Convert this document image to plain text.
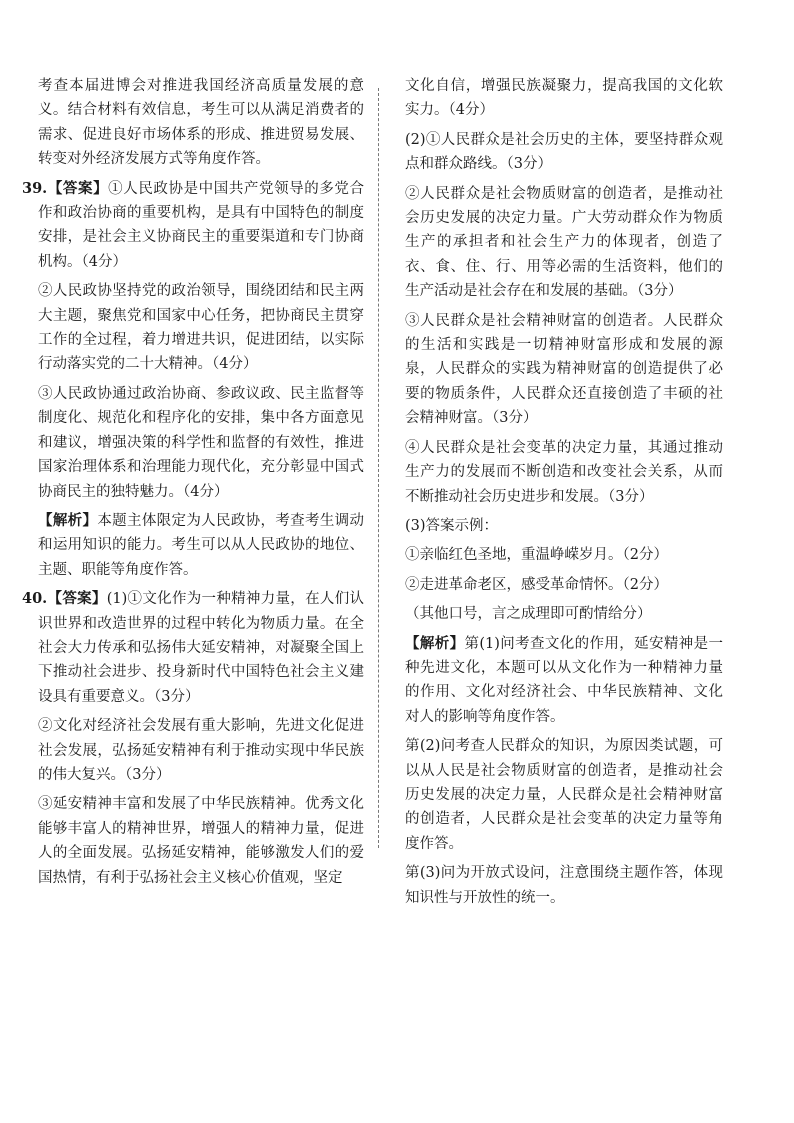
考查本届进博会对推进我国经济高质量发展的意义。结合材料有效信息，考生可以从满足消费者的需求、促进良好市场体系的形成、推进贸易发展、转变对外经济发展方式等角度作答。

39.【答案】①人民政协是中国共产党领导的多党合作和政治协商的重要机构，是具有中国特色的制度安排，是社会主义协商民主的重要渠道和专门协商机构。（4分）

②人民政协坚持党的政治领导，围绕团结和民主两大主题，聚焦党和国家中心任务，把协商民主贯穿工作的全过程，着力增进共识，促进团结，以实际行动落实党的二十大精神。（4分）

③人民政协通过政治协商、参政议政、民主监督等制度化、规范化和程序化的安排，集中各方面意见和建议，增强决策的科学性和监督的有效性，推进国家治理体系和治理能力现代化，充分彰显中国式协商民主的独特魅力。（4分）

【解析】本题主体限定为人民政协，考查考生调动和运用知识的能力。考生可以从人民政协的地位、主题、职能等角度作答。

40.【答案】(1)①文化作为一种精神力量，在人们认识世界和改造世界的过程中转化为物质力量。在全社会大力传承和弘扬伟大延安精神，对凝聚全国上下推动社会进步、投身新时代中国特色社会主义建设具有重要意义。（3分）

②文化对经济社会发展有重大影响，先进文化促进社会发展，弘扬延安精神有利于推动实现中华民族的伟大复兴。（3分）

③延安精神丰富和发展了中华民族精神。优秀文化能够丰富人的精神世界，增强人的精神力量，促进人的全面发展。弘扬延安精神，能够激发人们的爱国热情，有利于弘扬社会主义核心价值观，坚定

文化自信，增强民族凝聚力，提高我国的文化软实力。（4分）

(2)①人民群众是社会历史的主体，要坚持群众观点和群众路线。（3分）

②人民群众是社会物质财富的创造者，是推动社会历史发展的决定力量。广大劳动群众作为物质生产的承担者和社会生产力的体现者，创造了衣、食、住、行、用等必需的生活资料，他们的生产活动是社会存在和发展的基础。（3分）

③人民群众是社会精神财富的创造者。人民群众的生活和实践是一切精神财富形成和发展的源泉，人民群众的实践为精神财富的创造提供了必要的物质条件，人民群众还直接创造了丰硕的社会精神财富。（3分）

④人民群众是社会变革的决定力量，其通过推动生产力的发展而不断创造和改变社会关系，从而不断推动社会历史进步和发展。（3分）

(3)答案示例：

①亲临红色圣地，重温峥嵘岁月。（2分）

②走进革命老区，感受革命情怀。（2分）

（其他口号，言之成理即可酌情给分）

【解析】第(1)问考查文化的作用，延安精神是一种先进文化，本题可以从文化作为一种精神力量的作用、文化对经济社会、中华民族精神、文化对人的影响等角度作答。

第(2)问考查人民群众的知识，为原因类试题，可以从人民是社会物质财富的创造者，是推动社会历史发展的决定力量，人民群众是社会精神财富的创造者，人民群众是社会变革的决定力量等角度作答。

第(3)问为开放式设问，注意围绕主题作答，体现知识性与开放性的统一。
